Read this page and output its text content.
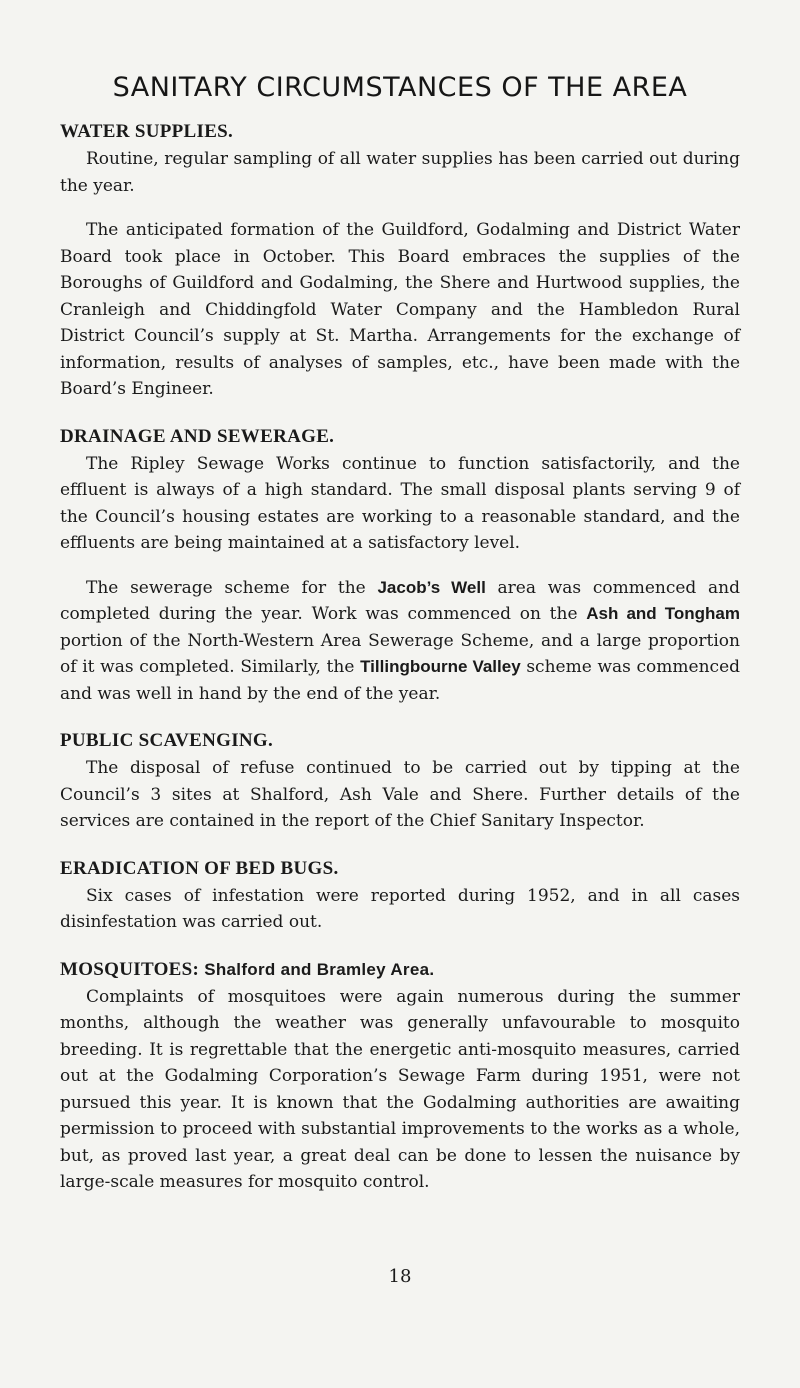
SANITARY CIRCUMSTANCES OF THE AREA
WATER SUPPLIES.

Routine, regular sampling of all water supplies has been carried out during the year.

The anticipated formation of the Guildford, Godalming and District Water Board took place in October. This Board embraces the supplies of the Boroughs of Guildford and Godalming, the Shere and Hurtwood supplies, the Cranleigh and Chiddingfold Water Company and the Hambledon Rural District Council’s supply at St. Martha. Arrangements for the exchange of information, results of analyses of samples, etc., have been made with the Board’s Engineer.

DRAINAGE AND SEWERAGE.

The Ripley Sewage Works continue to function satisfactorily, and the effluent is always of a high standard. The small disposal plants serving 9 of the Council’s housing estates are working to a reasonable standard, and the effluents are being maintained at a satisfactory level.

The sewerage scheme for the Jacob’s Well area was commenced and completed during the year. Work was commenced on the Ash and Tongham portion of the North-Western Area Sewerage Scheme, and a large proportion of it was completed. Similarly, the Tillingbourne Valley scheme was commenced and was well in hand by the end of the year.

PUBLIC SCAVENGING.

The disposal of refuse continued to be carried out by tipping at the Council’s 3 sites at Shalford, Ash Vale and Shere. Further details of the services are contained in the report of the Chief Sanitary Inspector.

ERADICATION OF BED BUGS.

Six cases of infestation were reported during 1952, and in all cases disinfestation was carried out.

MOSQUITOES: Shalford and Bramley Area.

Complaints of mosquitoes were again numerous during the summer months, although the weather was generally unfavourable to mosquito breeding. It is regrettable that the energetic anti-mosquito measures, carried out at the Godalming Corporation’s Sewage Farm during 1951, were not pursued this year. It is known that the Godalming authorities are awaiting permission to proceed with substantial improvements to the works as a whole, but, as proved last year, a great deal can be done to lessen the nuisance by large-scale measures for mosquito control.

18
